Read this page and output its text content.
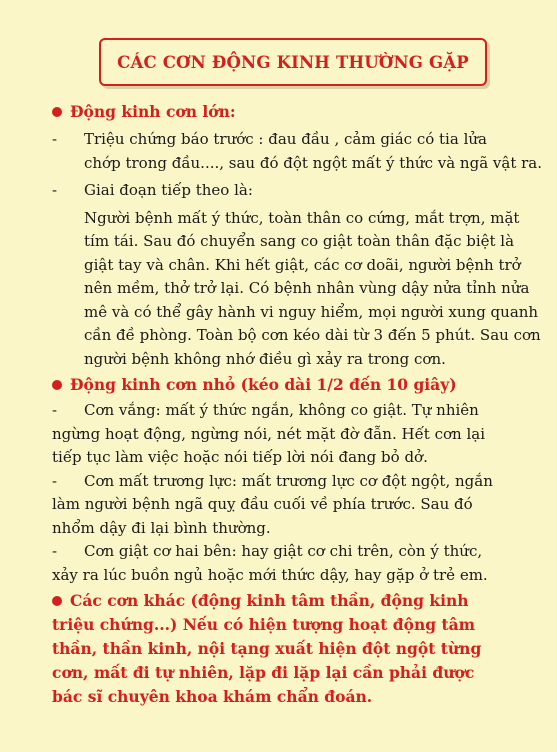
CÁC CƠN ĐỘNG KINH THƯỜNG GẶP
Động kinh cơn lớn:
- Triệu chứng báo trước : đau đầu , cảm giác có tia lửa
chớp trong đầu...., sau đó đột ngột mất ý thức và ngã vật ra.
- Giai đoạn tiếp theo là:
Người bệnh mất ý thức, toàn thân co cứng, mắt trợn, mặt
tím tái. Sau đó chuyển sang co giật toàn thân đặc biệt là
giật tay và chân. Khi hết giật, các cơ doãi, người bệnh trở
nên mềm, thở trở lại. Có bệnh nhân vùng dậy nửa tỉnh nửa
mê và có thể gây hành vi nguy hiểm, mọi người xung quanh
cần đề phòng. Toàn bộ cơn kéo dài từ 3 đến 5 phút. Sau cơn
người bệnh không nhớ điều gì xảy ra trong cơn.
Động kinh cơn nhỏ (kéo dài 1/2 đến 10 giây)
- Cơn vắng: mất ý thức ngắn, không co giật. Tự nhiên
ngừng hoạt động, ngừng nói, nét mặt đờ đẫn. Hết cơn lại
tiếp tục làm việc hoặc nói tiếp lời nói đang bỏ dở.
- Cơn mất trương lực: mất trương lực cơ đột ngột, ngắn
làm người bệnh ngã quỵ đầu cuối về phía trước. Sau đó
nhổm dậy đi lại bình thường.
- Cơn giật cơ hai bên: hay giật cơ chi trên, còn ý thức,
xảy ra lúc buồn ngủ hoặc mới thức dậy, hay gặp ở trẻ em.
Các cơn khác (động kinh tâm thần, động kinh
triệu chứng...) Nếu có hiện tượng hoạt động tâm
thần, thần kinh, nội tạng xuất hiện đột ngột từng
cơn, mất đi tự nhiên, lặp đi lặp lại cần phải được
bác sĩ chuyên khoa khám chẩn đoán.
